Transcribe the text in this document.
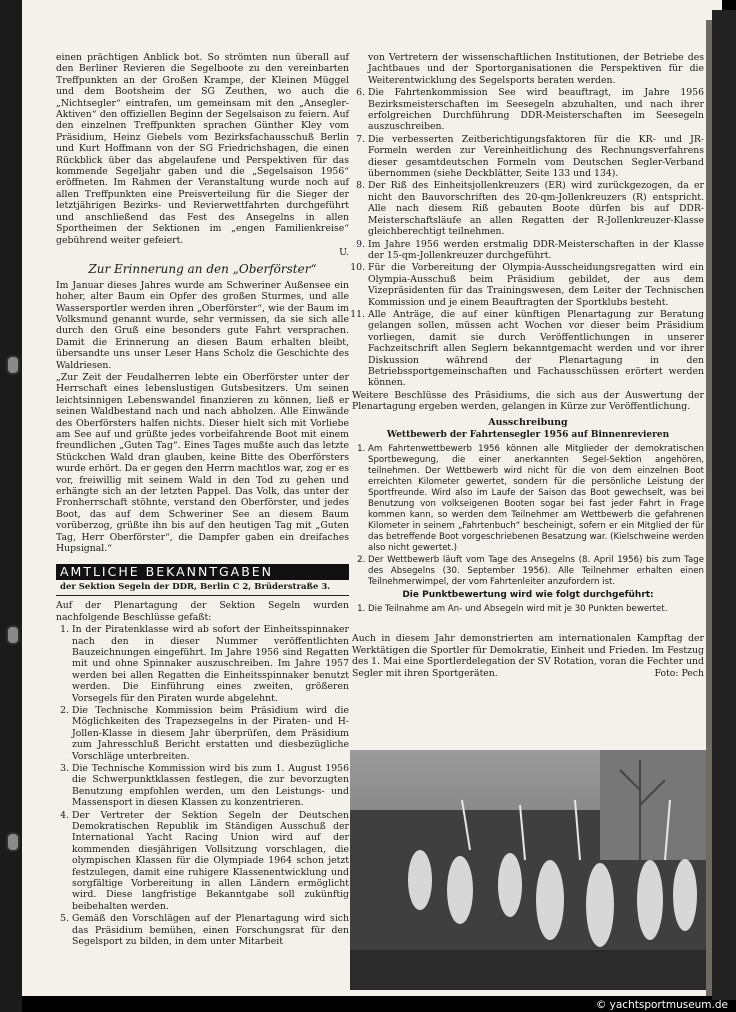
einen prächtigen Anblick bot. So strömten nun überall auf den Berliner Revieren die Segelboote zu den vereinbarten Treffpunkten an der Großen Krampe, der Kleinen Müggel und dem Bootsheim der SG Zeuthen, wo auch die „Nichtsegler“ eintrafen, um gemeinsam mit den „Ansegler-Aktiven“ den offiziellen Beginn der Segelsaison zu feiern. Auf den einzelnen Treffpunkten sprachen Günther Kley vom Präsidium, Heinz Giebels vom Bezirksfachausschuß Berlin und Kurt Hoffmann von der SG Friedrichshagen, die einen Rückblick über das abgelaufene und Perspektiven für das kommende Segeljahr gaben und die „Segelsaison 1956“ eröffneten. Im Rahmen der Veranstaltung wurde noch auf allen Treffpunkten eine Preisverteilung für die Sieger der letztjährigen Bezirks- und Revierwettfahrten durchgeführt und anschließend das Fest des Ansegelns in allen Sportheimen der Sektionen im „engen Familienkreise“ gebührend weiter gefeiert.

U.

Zur Erinnerung an den „Oberförster“

Im Januar dieses Jahres wurde am Schweriner Außensee ein hoher, alter Baum ein Opfer des großen Sturmes, und alle Wassersportler werden ihren „Oberförster“, wie der Baum im Volksmund genannt wurde, sehr vermissen, da sie sich alle durch den Gruß eine besonders gute Fahrt versprachen. Damit die Erinnerung an diesen Baum erhalten bleibt, übersandte uns unser Leser Hans Scholz die Geschichte des Waldriesen.

„Zur Zeit der Feudalherren lebte ein Oberförster unter der Herrschaft eines lebenslustigen Gutsbesitzers. Um seinen leichtsinnigen Lebenswandel finanzieren zu können, ließ er seinen Waldbestand nach und nach abholzen. Alle Einwände des Oberförsters halfen nichts. Dieser hielt sich mit Vorliebe am See auf und grüßte jedes vorbeifahrende Boot mit einem freundlichen „Guten Tag“. Eines Tages mußte auch das letzte Stückchen Wald dran glauben, keine Bitte des Oberförsters wurde erhört. Da er gegen den Herrn machtlos war, zog er es vor, freiwillig mit seinem Wald in den Tod zu gehen und erhängte sich an der letzten Pappel. Das Volk, das unter der Fronherrschaft stöhnte, verstand den Oberförster, und jedes Boot, das auf dem Schweriner See an diesem Baum vorüberzog, grüßte ihn bis auf den heutigen Tag mit „Guten Tag, Herr Oberförster“, die Dampfer gaben ein dreifaches Hupsignal.“

AMTLICHE BEKANNTGABEN
der Sektion Segeln der DDR, Berlin C 2, Brüderstraße 3.

Auf der Plenartagung der Sektion Segeln wurden nachfolgende Beschlüsse gefaßt:

1. In der Piratenklasse wird ab sofort der Einheitsspinnaker nach den in dieser Nummer veröffentlichten Bauzeichnungen eingeführt. Im Jahre 1956 sind Regatten mit und ohne Spinnaker auszuschreiben. Im Jahre 1957 werden bei allen Regatten die Einheitsspinnaker benutzt werden. Die Einführung eines zweiten, größeren Vorsegels für den Piraten wurde abgelehnt.
2. Die Technische Kommission beim Präsidium wird die Möglichkeiten des Trapezsegelns in der Piraten- und H-Jollen-Klasse in diesem Jahr überprüfen, dem Präsidium zum Jahresschluß Bericht erstatten und diesbezügliche Vorschläge unterbreiten.
3. Die Technische Kommission wird bis zum 1. August 1956 die Schwerpunktklassen festlegen, die zur bevorzugten Benutzung empfohlen werden, um den Leistungs- und Massensport in diesen Klassen zu konzentrieren.
4. Der Vertreter der Sektion Segeln der Deutschen Demokratischen Republik im Ständigen Ausschuß der International Yacht Racing Union wird auf der kommenden diesjährigen Vollsitzung vorschlagen, die olympischen Klassen für die Olympiade 1964 schon jetzt festzulegen, damit eine ruhigere Klassenentwicklung und sorgfältige Vorbereitung in allen Ländern ermöglicht wird. Diese langfristige Bekanntgabe soll zukünftig beibehalten werden.
5. Gemäß den Vorschlägen auf der Plenartagung wird sich das Präsidium bemühen, einen Forschungsrat für den Segelsport zu bilden, in dem unter Mitarbeit

von Vertretern der wissenschaftlichen Institutionen, der Betriebe des Jachtbaues und der Sportorganisationen die Perspektiven für die Weiterentwicklung des Segelsports beraten werden.

6. Die Fahrtenkommission See wird beauftragt, im Jahre 1956 Bezirksmeisterschaften im Seesegeln abzuhalten, und nach ihrer erfolgreichen Durchführung DDR-Meisterschaften im Seesegeln auszuschreiben.
7. Die verbesserten Zeitberichtigungsfaktoren für die KR- und JR-Formeln werden zur Vereinheitlichung des Rechnungsverfahrens dieser gesamtdeutschen Formeln vom Deutschen Segler-Verband übernommen (siehe Deckblätter, Seite 133 und 134).
8. Der Riß des Einheitsjollenkreuzers (ER) wird zurückgezogen, da er nicht den Bauvorschriften des 20-qm-Jollenkreuzers (R) entspricht. Alle nach diesem Riß gebauten Boote dürfen bis auf DDR-Meisterschaftsläufe an allen Regatten der R-Jollenkreuzer-Klasse gleichberechtigt teilnehmen.
9. Im Jahre 1956 werden erstmalig DDR-Meisterschaften in der Klasse der 15-qm-Jollenkreuzer durchgeführt.
10. Für die Vorbereitung der Olympia-Ausscheidungsregatten wird ein Olympia-Ausschuß beim Präsidium gebildet, der aus dem Vizepräsidenten für das Trainingswesen, dem Leiter der Technischen Kommission und je einem Beauftragten der Sportklubs besteht.
11. Alle Anträge, die auf einer künftigen Plenartagung zur Beratung gelangen sollen, müssen acht Wochen vor dieser beim Präsidium vorliegen, damit sie durch Veröffentlichungen in unserer Fachzeitschrift allen Seglern bekanntgemacht werden und vor ihrer Diskussion während der Plenartagung in den Betriebssportgemeinschaften und Fachausschüssen erörtert werden können.

Weitere Beschlüsse des Präsidiums, die sich aus der Auswertung der Plenartagung ergeben werden, gelangen in Kürze zur Veröffentlichung.

Ausschreibung
Wettbewerb der Fahrtensegler 1956 auf Binnenrevieren
1. Am Fahrtenwettbewerb 1956 können alle Mitglieder der demokratischen Sportbewegung, die einer anerkannten Segel-Sektion angehören, teilnehmen. Der Wettbewerb wird nicht für die von dem einzelnen Boot erreichten Kilometer gewertet, sondern für die persönliche Leistung der Sportfreunde. Wird also im Laufe der Saison das Boot gewechselt, was bei Benutzung von volkseigenen Booten sogar bei fast jeder Fahrt in Frage kommen kann, so werden dem Teilnehmer am Wettbewerb die gefahrenen Kilometer in seinem „Fahrtenbuch“ bescheinigt, sofern er ein Mitglied der für das betreffende Boot vorgeschriebenen Besatzung war. (Kielschweine werden also nicht gewertet.)
2. Der Wettbewerb läuft vom Tage des Ansegelns (8. April 1956) bis zum Tage des Absegelns (30. September 1956). Alle Teilnehmer erhalten einen Teilnehmerwimpel, der vom Fahrtenleiter anzufordern ist.
Die Punktbewertung wird wie folgt durchgeführt:
1. Die Teilnahme am An- und Absegeln wird mit je 30 Punkten bewertet.

Auch in diesem Jahr demonstrierten am internationalen Kampftag der Werktätigen die Sportler für Demokratie, Einheit und Frieden. Im Festzug des 1. Mai eine Sportlerdelegation der SV Rotation, voran die Fechter und Segler mit ihren Sportgeräten.	Foto: Pech

© yachtsportmuseum.de
